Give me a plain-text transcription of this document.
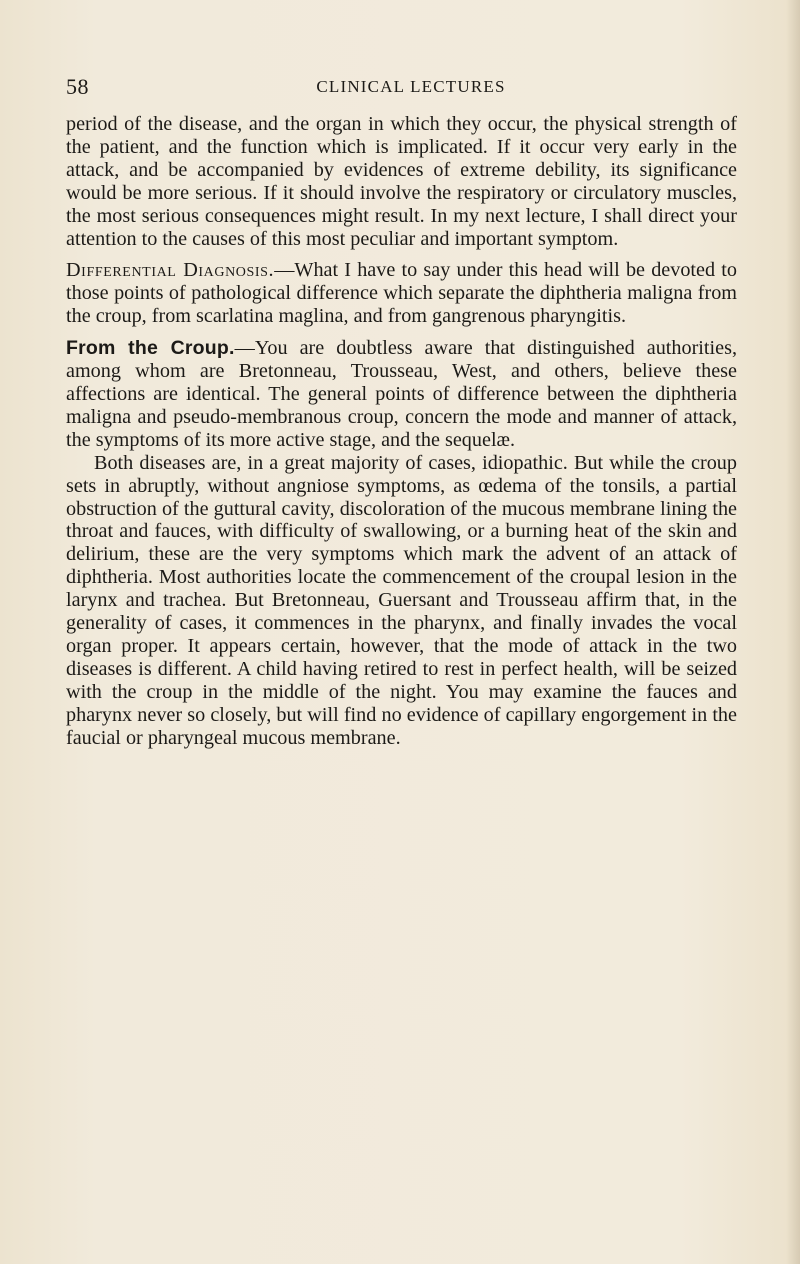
58	CLINICAL LECTURES

period of the disease, and the organ in which they occur, the physical strength of the patient, and the function which is implicated. If it occur very early in the attack, and be accompanied by evidences of extreme debility, its significance would be more serious. If it should involve the respiratory or circulatory muscles, the most serious consequences might result. In my next lecture, I shall direct your attention to the causes of this most peculiar and important symptom.

Differential Diagnosis.—What I have to say under this head will be devoted to those points of pathological difference which separate the diphtheria maligna from the croup, from scarlatina maglina, and from gangrenous pharyngitis.

From the Croup.—You are doubtless aware that distinguished authorities, among whom are Bretonneau, Trousseau, West, and others, believe these affections are identical. The general points of difference between the diphtheria maligna and pseudo-membranous croup, concern the mode and manner of attack, the symptoms of its more active stage, and the sequelæ.

Both diseases are, in a great majority of cases, idiopathic. But while the croup sets in abruptly, without angniose symptoms, as œdema of the tonsils, a partial obstruction of the guttural cavity, discoloration of the mucous membrane lining the throat and fauces, with difficulty of swallowing, or a burning heat of the skin and delirium, these are the very symptoms which mark the advent of an attack of diphtheria. Most authorities locate the commencement of the croupal lesion in the larynx and trachea. But Bretonneau, Guersant and Trousseau affirm that, in the generality of cases, it commences in the pharynx, and finally invades the vocal organ proper. It appears certain, however, that the mode of attack in the two diseases is different. A child having retired to rest in perfect health, will be seized with the croup in the middle of the night. You may examine the fauces and pharynx never so closely, but will find no evidence of capillary engorgement in the faucial or pharyngeal mucous membrane.
